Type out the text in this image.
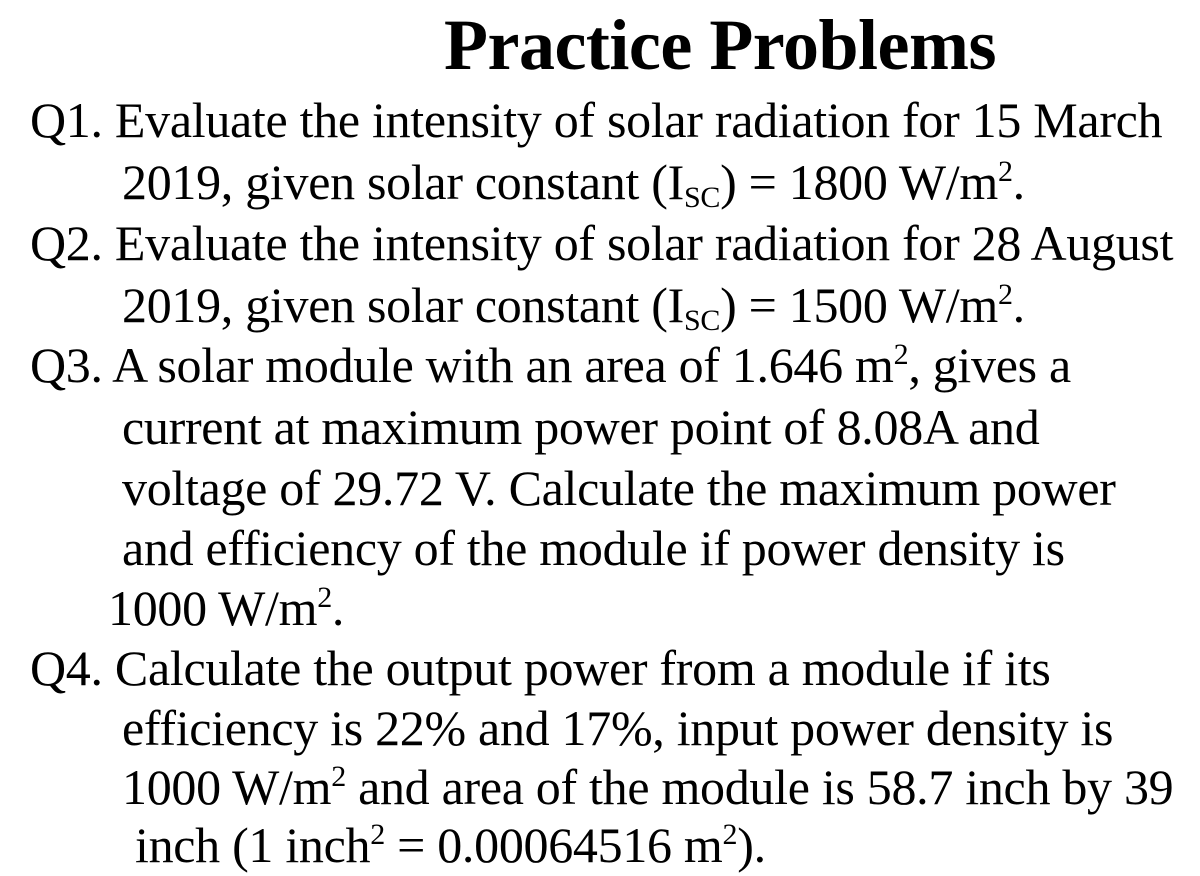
Practice Problems
Q1. Evaluate the intensity of solar radiation for 15 March
2019, given solar constant $(I_{SC}) = 1800$ $W/m^2$.
Q2. Evaluate the intensity of solar radiation for 28 August
2019, given solar constant $(I_{SC}) = 1500$ $W/m^2$.
Q3. A solar module with an area of 1.646 $m^2$, gives a
current at maximum power point of 8.08A and
voltage of 29.72 V. Calculate the maximum power
and efficiency of the module if power density is
1000 $W/m^2$.
Q4. Calculate the output power from a module if its
efficiency is 22% and 17%, input power density is
1000 $W/m^2$ and area of the module is 58.7 inch by 39
inch (1 inch$^2$ = 0.00064516 $m^2$).
